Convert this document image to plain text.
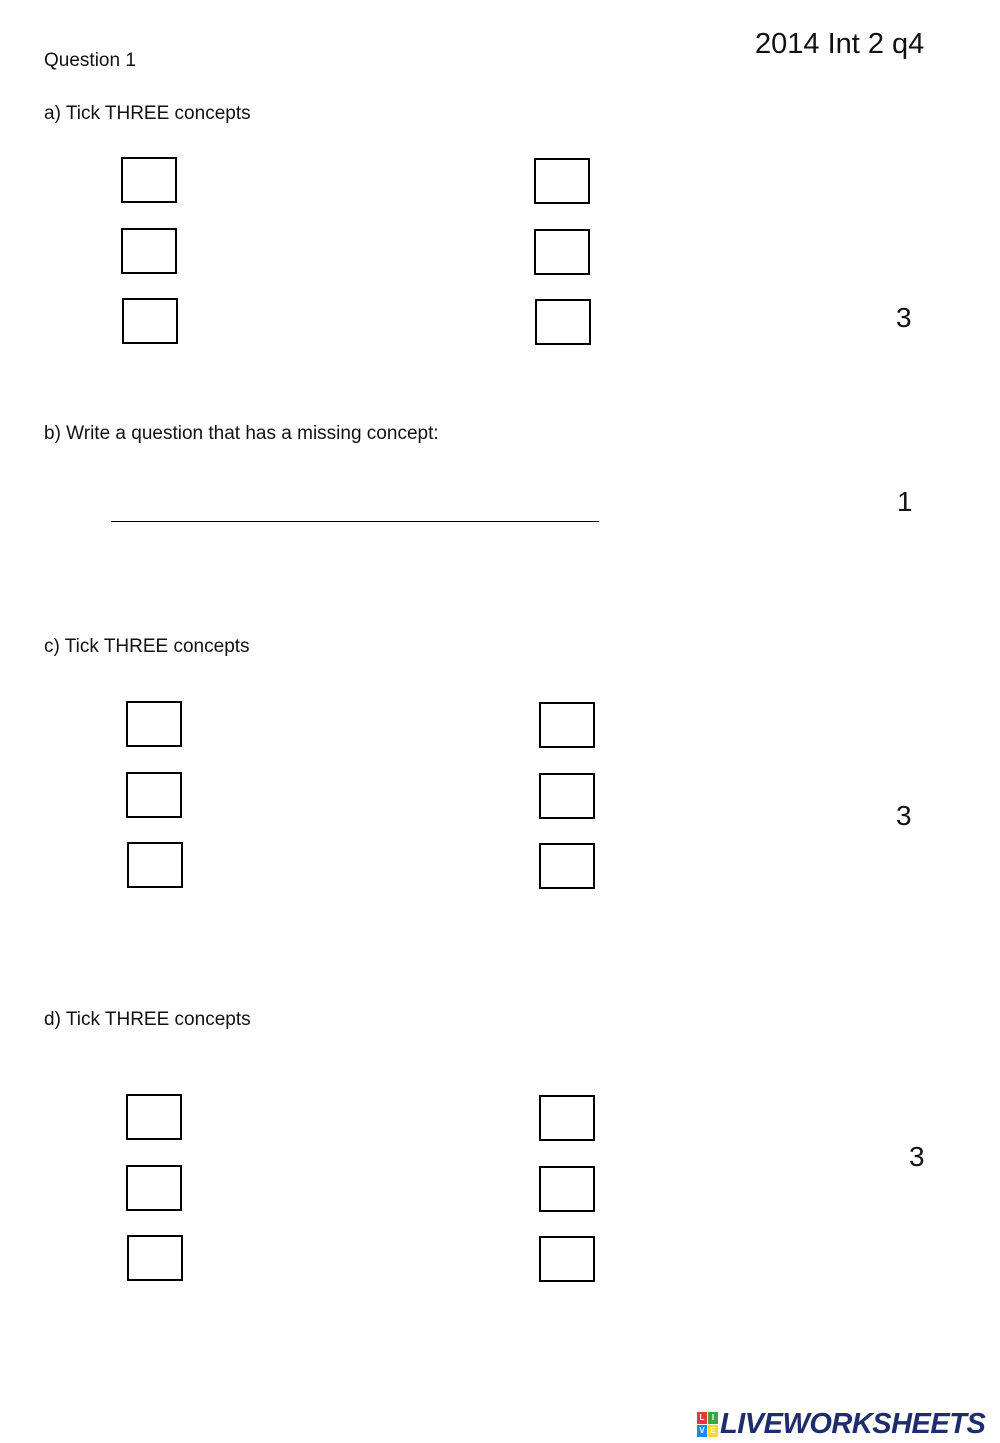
Question 1
2014 Int 2 q4
a) Tick THREE concepts
3
b) Write a question that has a missing concept:
1
c) Tick THREE concepts
3
d) Tick THREE concepts
3
L I
V E LIVEWORKSHEETS
